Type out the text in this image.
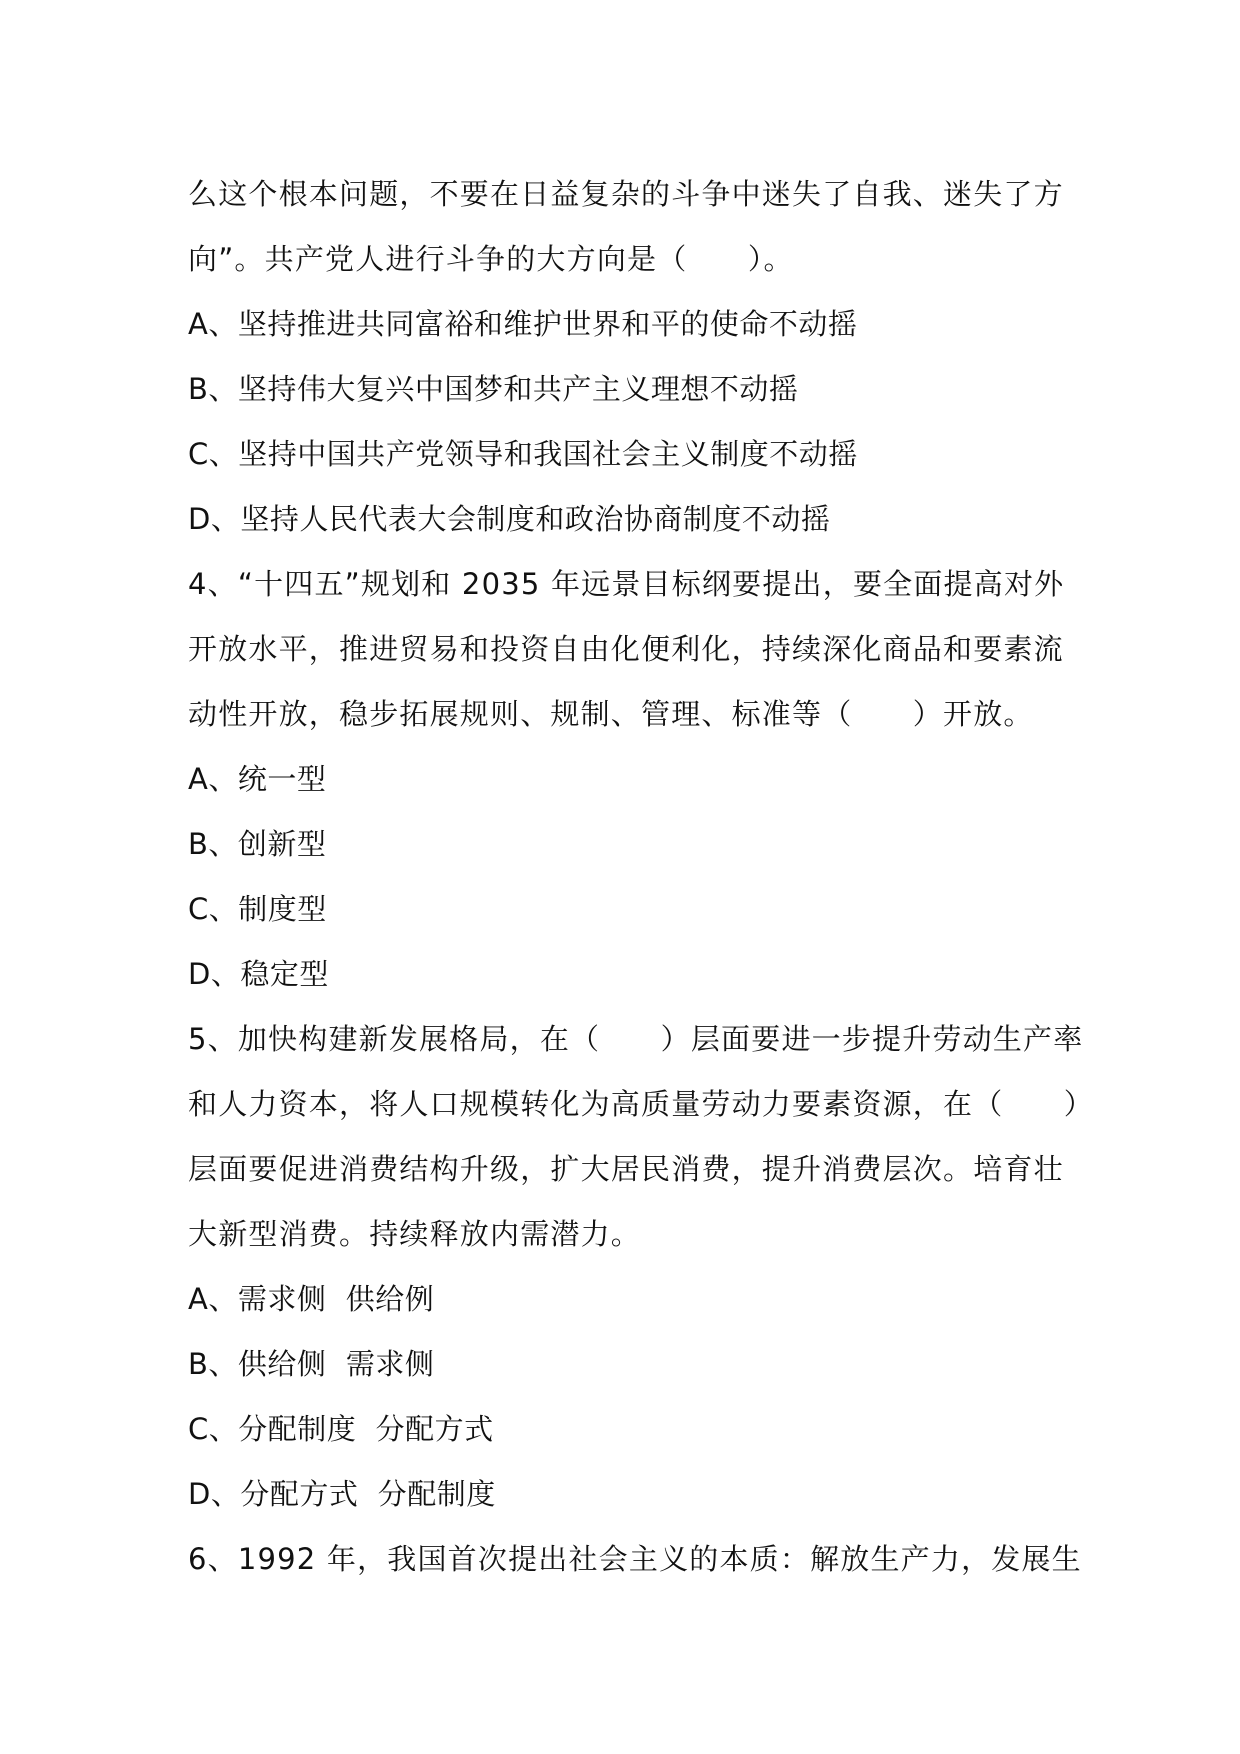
么这个根本问题，不要在日益复杂的斗争中迷失了自我、迷失了方
向”。共产党人进行斗争的大方向是（　　）。
A、坚持推进共同富裕和维护世界和平的使命不动摇
B、坚持伟大复兴中国梦和共产主义理想不动摇
C、坚持中国共产党领导和我国社会主义制度不动摇
D、坚持人民代表大会制度和政治协商制度不动摇
4、“十四五”规划和 2035 年远景目标纲要提出，要全面提高对外
开放水平，推进贸易和投资自由化便利化，持续深化商品和要素流
动性开放，稳步拓展规则、规制、管理、标准等（　　）开放。
A、统一型
B、创新型
C、制度型
D、稳定型
5、加快构建新发展格局，在（　　）层面要进一步提升劳动生产率
和人力资本，将人口规模转化为高质量劳动力要素资源，在（　　）
层面要促进消费结构升级，扩大居民消费，提升消费层次。培育壮
大新型消费。持续释放内需潜力。
A、需求侧  供给例
B、供给侧  需求侧
C、分配制度  分配方式
D、分配方式  分配制度
6、1992 年，我国首次提出社会主义的本质：解放生产力，发展生
